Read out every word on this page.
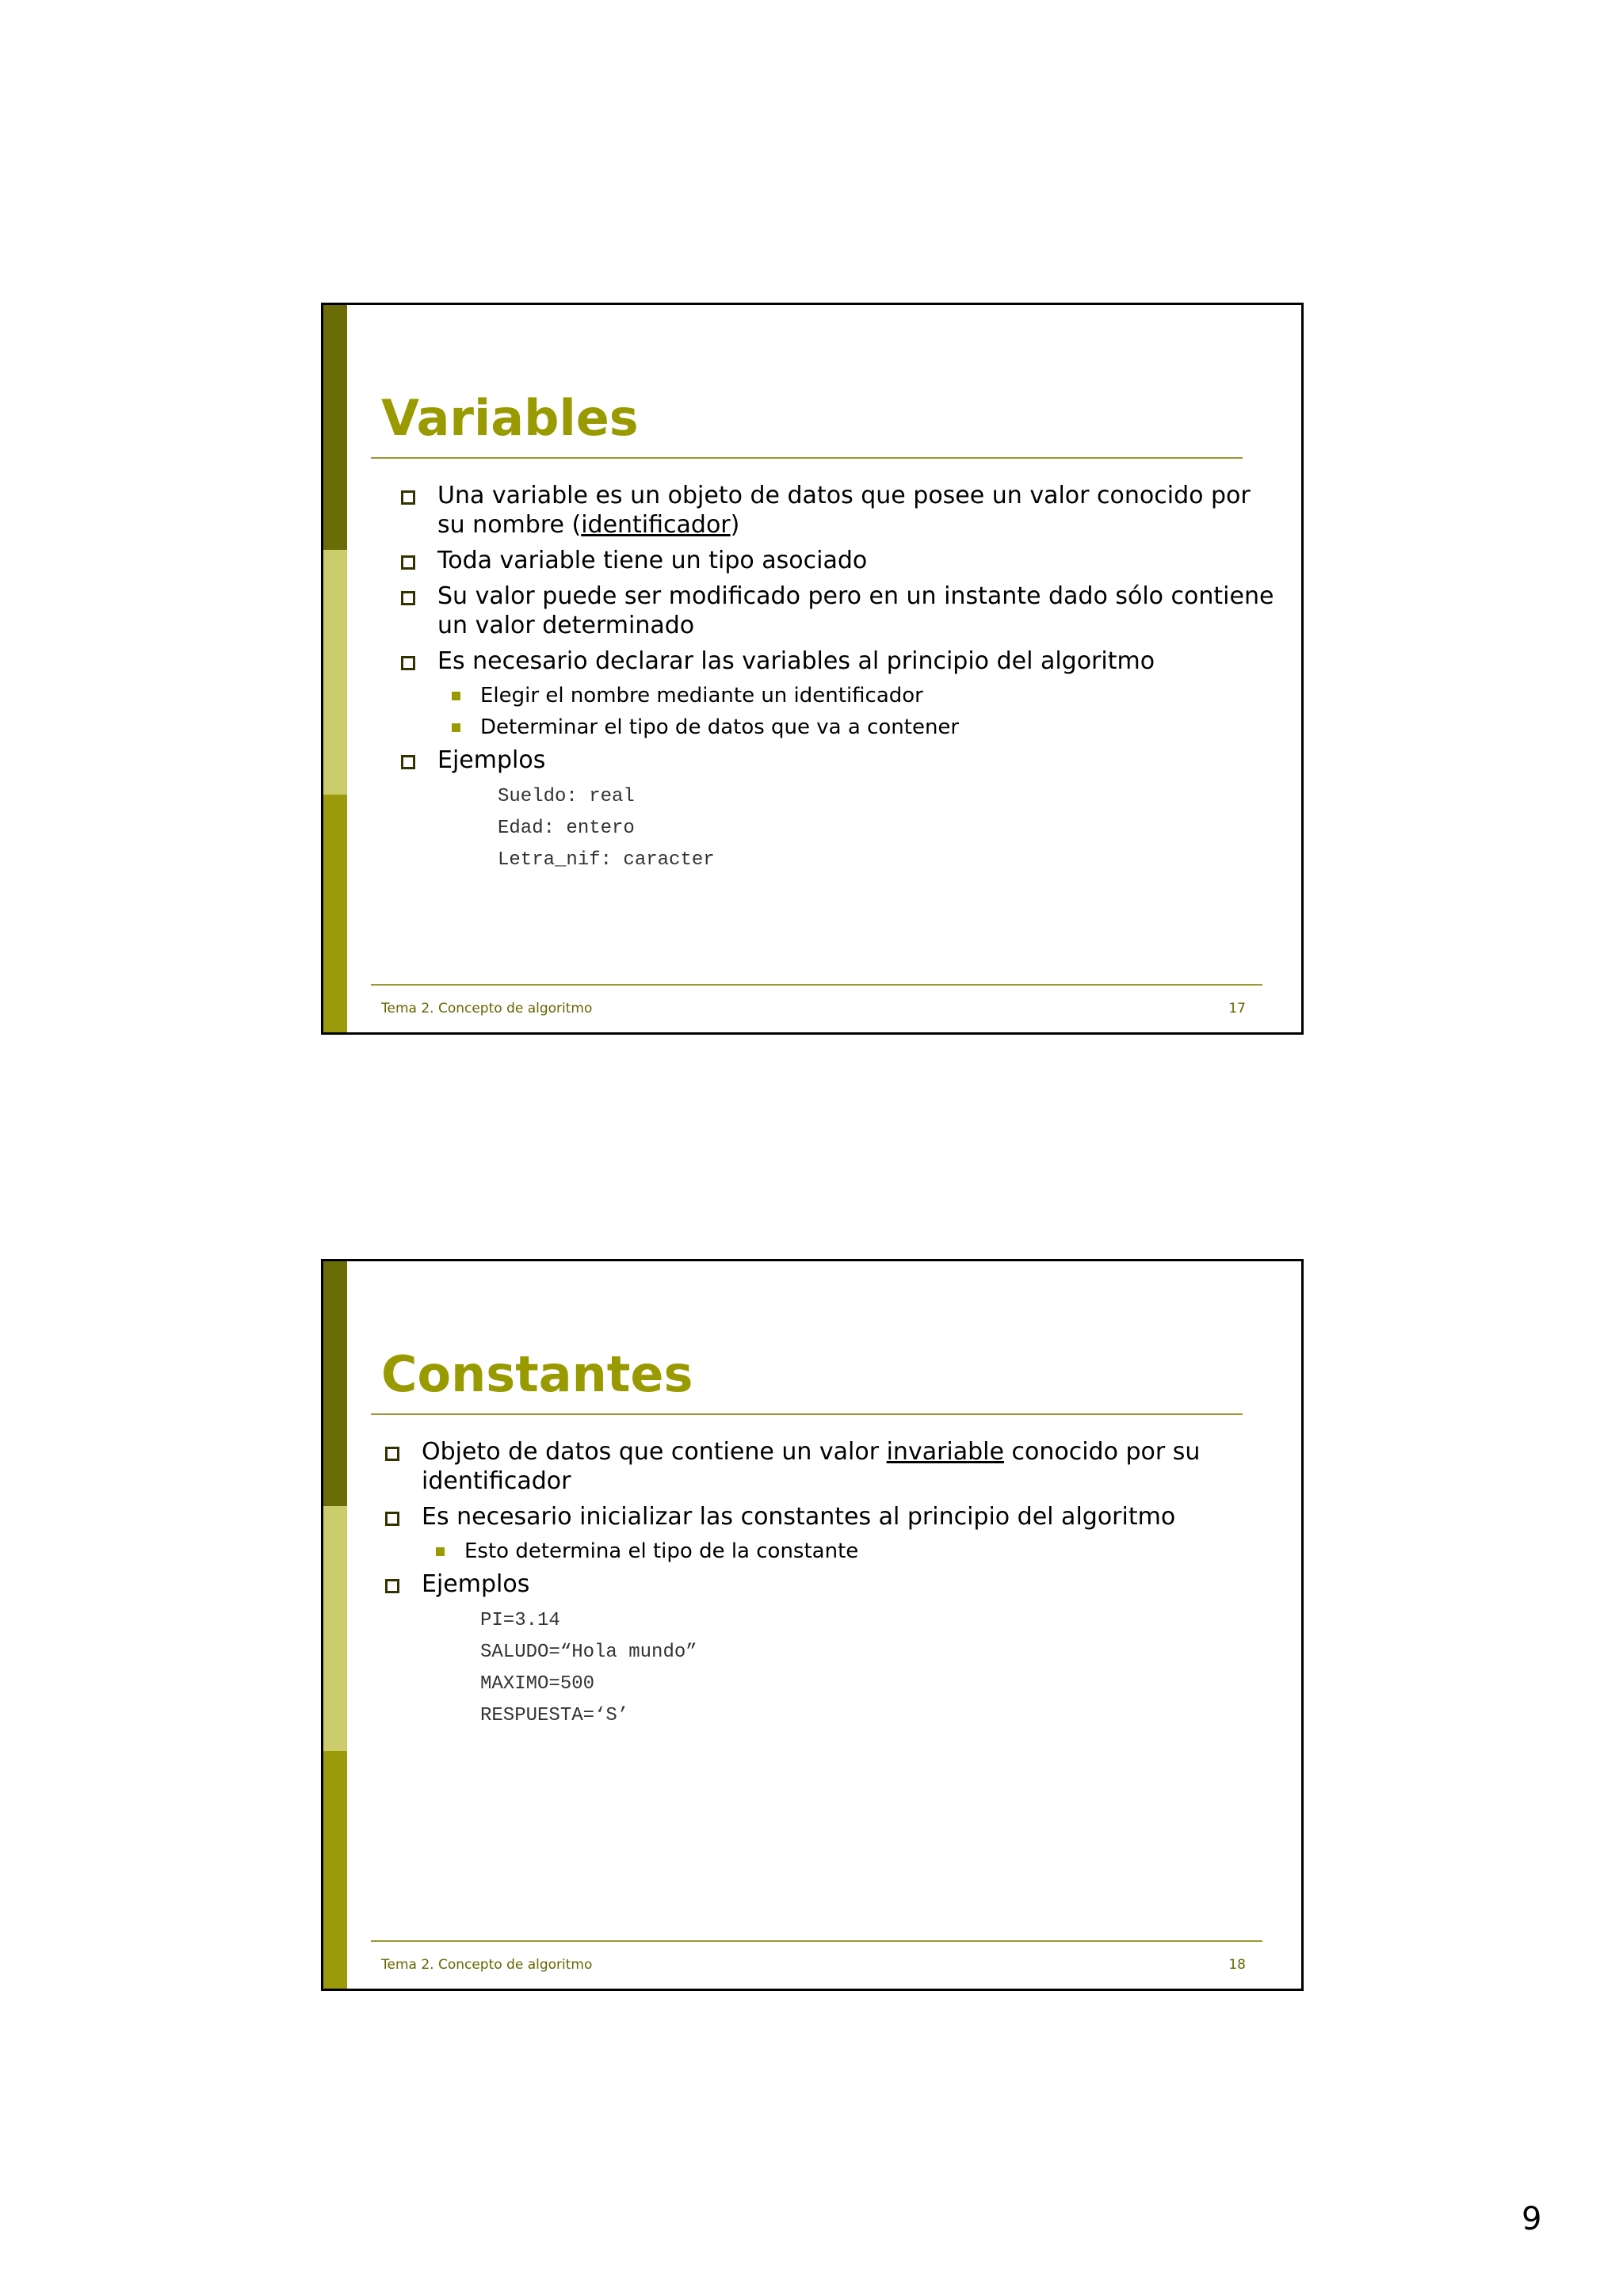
Variables
Una variable es un objeto de datos que posee un valor conocido por su nombre (identificador)
Toda variable tiene un tipo asociado
Su valor puede ser modificado pero en un instante dado sólo contiene un valor determinado
Es necesario declarar las variables al principio del algoritmo
Elegir el nombre mediante un identificador
Determinar el tipo de datos que va a contener
Ejemplos
Sueldo: real
Edad: entero
Letra_nif: caracter
Tema 2. Concepto de algoritmo	17
Constantes
Objeto de datos que contiene un valor invariable conocido por su identificador
Es necesario inicializar las constantes al principio del algoritmo
Esto determina el tipo de la constante
Ejemplos
PI=3.14
SALUDO=“Hola mundo”
MAXIMO=500
RESPUESTA=‘S’
Tema 2. Concepto de algoritmo	18
9
